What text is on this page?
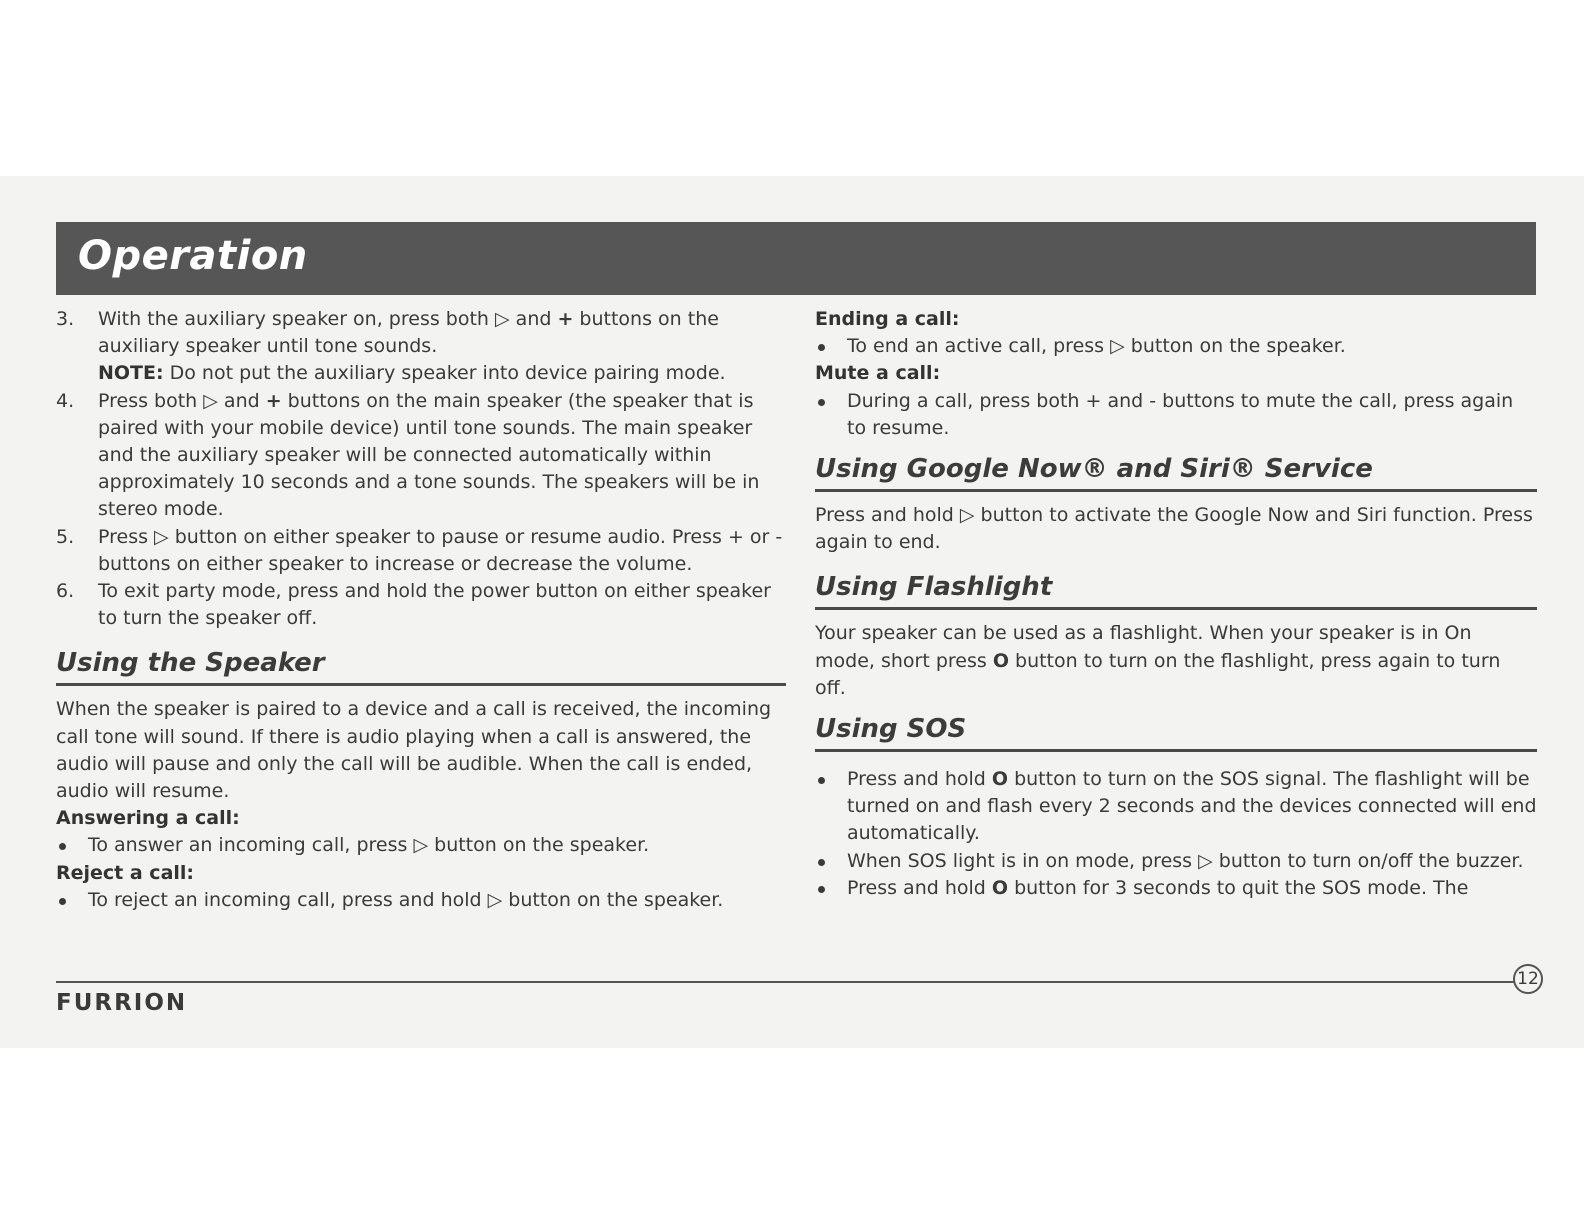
Operation
3. With the auxiliary speaker on, press both ▷ and + buttons on the auxiliary speaker until tone sounds.
NOTE: Do not put the auxiliary speaker into device pairing mode.
4. Press both ▷ and + buttons on the main speaker (the speaker that is paired with your mobile device) until tone sounds. The main speaker and the auxiliary speaker will be connected automatically within approximately 10 seconds and a tone sounds. The speakers will be in stereo mode.
5. Press ▷ button on either speaker to pause or resume audio. Press + or - buttons on either speaker to increase or decrease the volume.
6. To exit party mode, press and hold the power button on either speaker to turn the speaker off.
Using the Speaker

When the speaker is paired to a device and a call is received, the incoming call tone will sound. If there is audio playing when a call is answered, the audio will pause and only the call will be audible. When the call is ended, audio will resume.

Answering a call:

To answer an incoming call, press ▷ button on the speaker.

Reject a call:

To reject an incoming call, press and hold ▷ button on the speaker.

Ending a call:

To end an active call, press ▷ button on the speaker.

Mute a call:

During a call, press both + and - buttons to mute the call, press again to resume.
Using Google Now® and Siri® Service

Press and hold ▷ button to activate the Google Now and Siri function. Press again to end.

Using Flashlight

Your speaker can be used as a flashlight. When your speaker is in On mode, short press O button to turn on the flashlight, press again to turn off.

Using SOS
Press and hold O button to turn on the SOS signal. The flashlight will be turned on and flash every 2 seconds and the devices connected will end automatically.
When SOS light is in on mode, press ▷ button to turn on/off the buzzer.
Press and hold O button for 3 seconds to quit the SOS mode. The
12
FURRION
